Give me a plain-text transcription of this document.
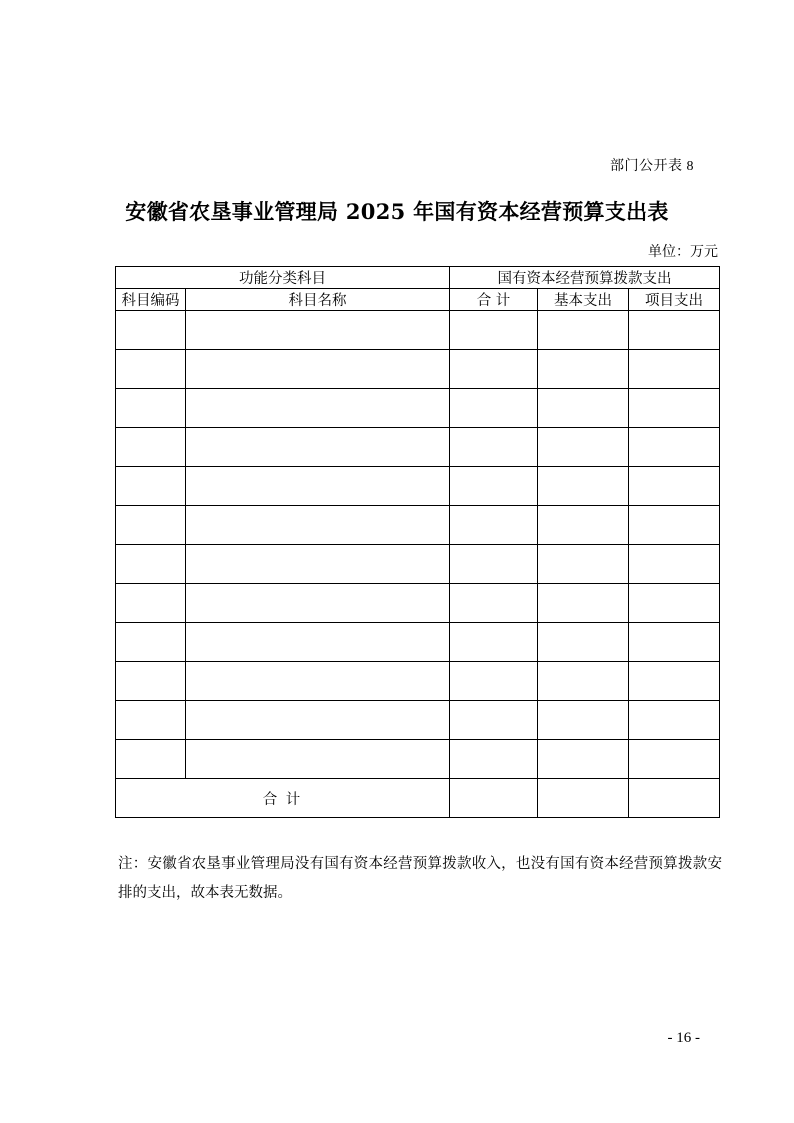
部门公开表 8
安徽省农垦事业管理局 2025 年国有资本经营预算支出表
单位：万元
功能分类科目		国有资本经营预算拨款支出		
科目编码	科目名称	合 计	基本支出	项目支出

合 计				
注：安徽省农垦事业管理局没有国有资本经营预算拨款收入，也没有国有资本经营预算拨款安排的支出，故本表无数据。
- 16 -
